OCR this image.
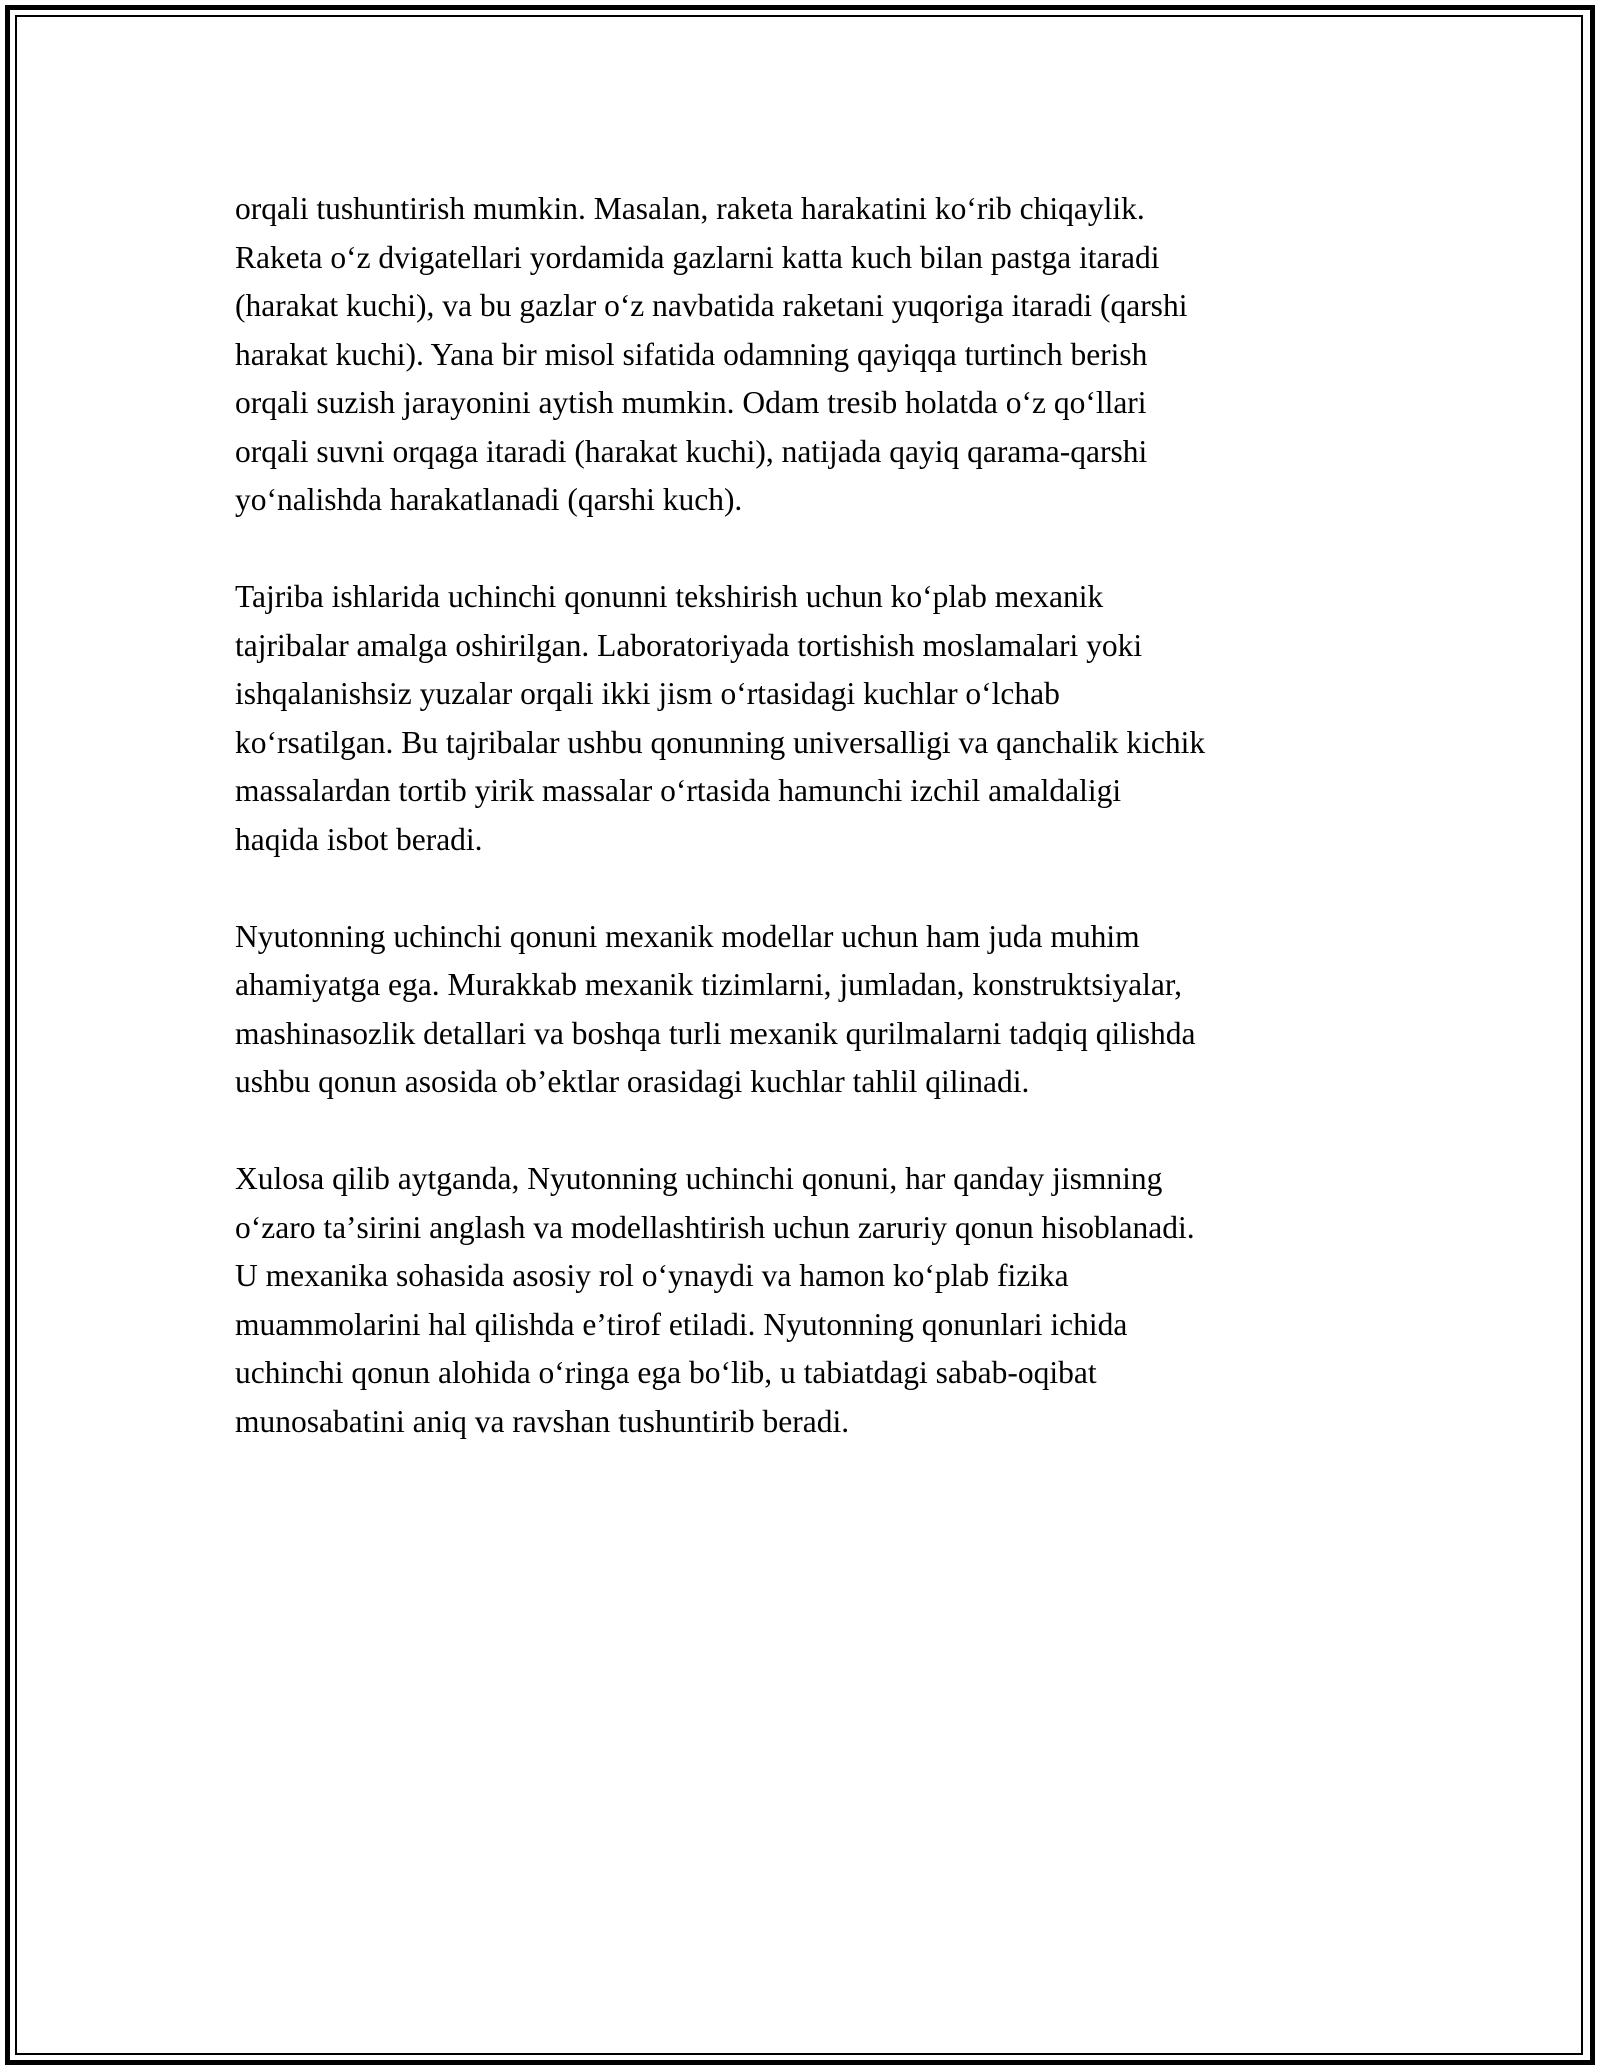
orqali tushuntirish mumkin. Masalan, raketa harakatini koʻrib chiqaylik.
Raketa oʻz dvigatellari yordamida gazlarni katta kuch bilan pastga itaradi
(harakat kuchi), va bu gazlar oʻz navbatida raketani yuqoriga itaradi (qarshi
harakat kuchi). Yana bir misol sifatida odamning qayiqqa turtinch berish
orqali suzish jarayonini aytish mumkin. Odam tresib holatda oʻz qoʻllari
orqali suvni orqaga itaradi (harakat kuchi), natijada qayiq qarama-qarshi
yoʻnalishda harakatlanadi (qarshi kuch).

Tajriba ishlarida uchinchi qonunni tekshirish uchun koʻplab mexanik
tajribalar amalga oshirilgan. Laboratoriyada tortishish moslamalari yoki
ishqalanishsiz yuzalar orqali ikki jism oʻrtasidagi kuchlar oʻlchab
koʻrsatilgan. Bu tajribalar ushbu qonunning universalligi va qanchalik kichik
massalardan tortib yirik massalar oʻrtasida hamunchi izchil amaldaligi
haqida isbot beradi.

Nyutonning uchinchi qonuni mexanik modellar uchun ham juda muhim
ahamiyatga ega. Murakkab mexanik tizimlarni, jumladan, konstruktsiyalar,
mashinasozlik detallari va boshqa turli mexanik qurilmalarni tadqiq qilishda
ushbu qonun asosida obʼektlar orasidagi kuchlar tahlil qilinadi.

Xulosa qilib aytganda, Nyutonning uchinchi qonuni, har qanday jismning
oʻzaro taʼsirini anglash va modellashtirish uchun zaruriy qonun hisoblanadi.
U mexanika sohasida asosiy rol oʻynaydi va hamon koʻplab fizika
muammolarini hal qilishda eʼtirof etiladi. Nyutonning qonunlari ichida
uchinchi qonun alohida oʻringa ega boʻlib, u tabiatdagi sabab-oqibat
munosabatini aniq va ravshan tushuntirib beradi.
